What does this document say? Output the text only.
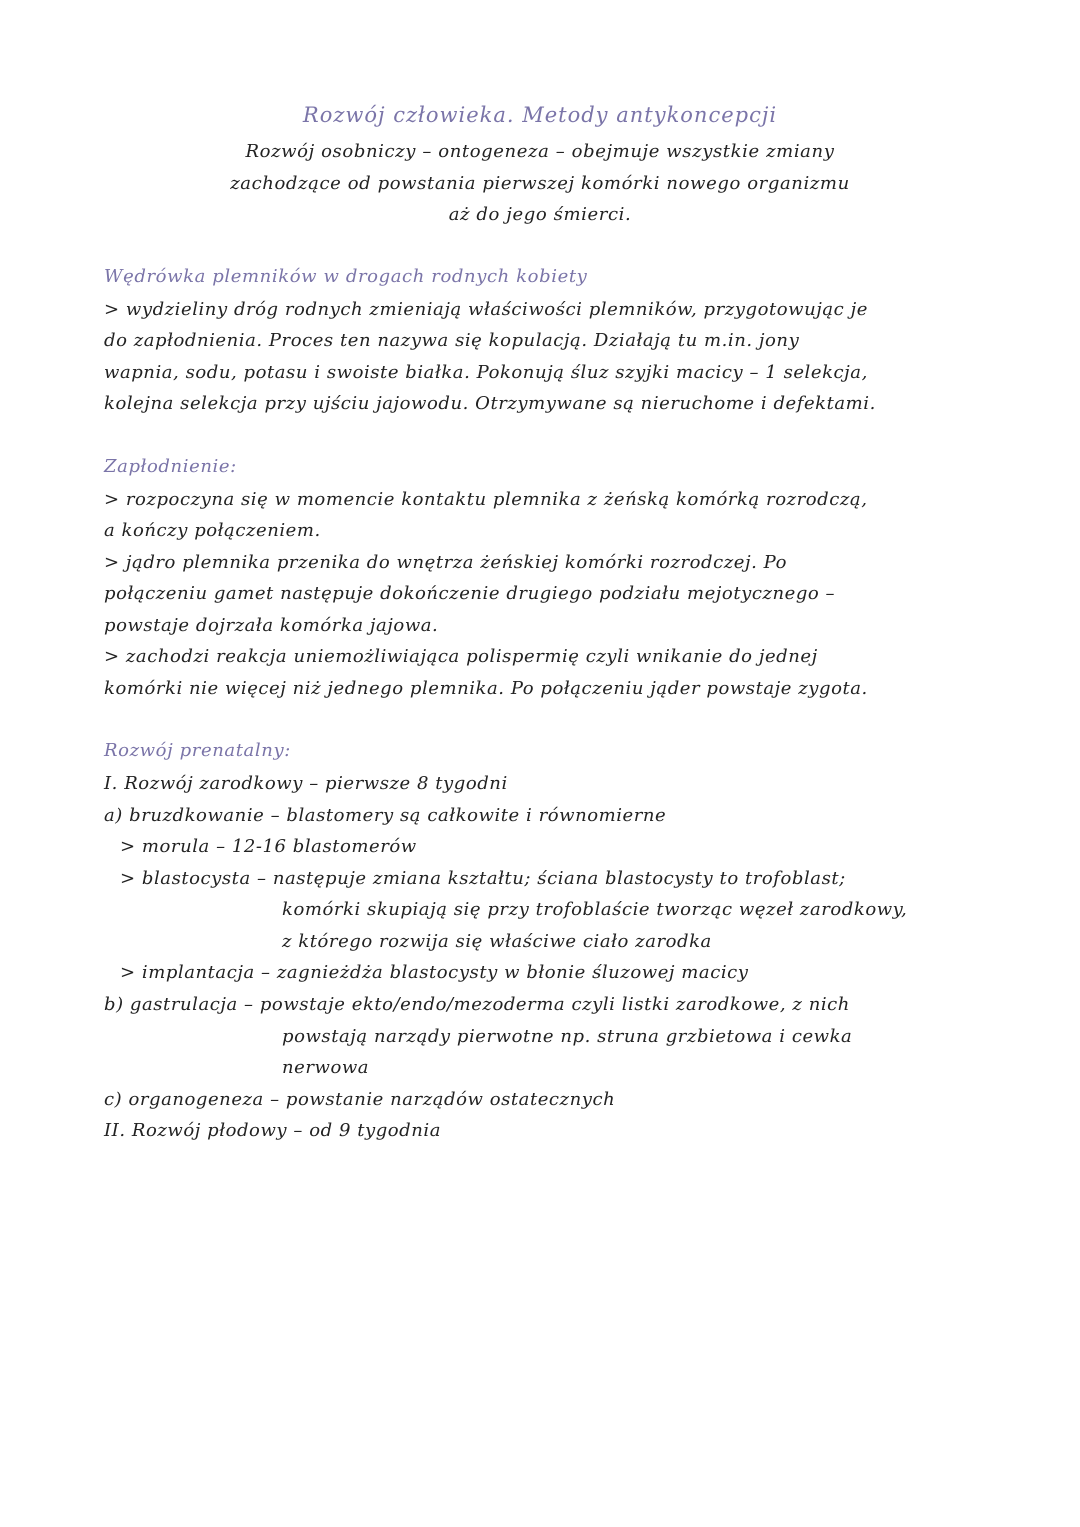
Rozwój człowieka. Metody antykoncepcji
Rozwój osobniczy – ontogeneza – obejmuje wszystkie zmiany
zachodzące od powstania pierwszej komórki nowego organizmu
aż do jego śmierci.
Wędrówka plemników w drogach rodnych kobiety
> wydzieliny dróg rodnych zmieniają właściwości plemników, przygotowując je
do zapłodnienia. Proces ten nazywa się kopulacją. Działają tu m.in. jony
wapnia, sodu, potasu i swoiste białka. Pokonują śluz szyjki macicy – 1 selekcja,
kolejna selekcja przy ujściu jajowodu. Otrzymywane są nieruchome i defektami.
Zapłodnienie:
> rozpoczyna się w momencie kontaktu plemnika z żeńską komórką rozrodczą,
a kończy połączeniem.
> jądro plemnika przenika do wnętrza żeńskiej komórki rozrodczej. Po
połączeniu gamet następuje dokończenie drugiego podziału mejotycznego –
powstaje dojrzała komórka jajowa.
> zachodzi reakcja uniemożliwiająca polispermię czyli wnikanie do jednej
komórki nie więcej niż jednego plemnika. Po połączeniu jąder powstaje zygota.
Rozwój prenatalny:
I. Rozwój zarodkowy – pierwsze 8 tygodni
a) bruzdkowanie – blastomery są całkowite i równomierne
> morula – 12-16 blastomerów
> blastocysta – następuje zmiana kształtu; ściana blastocysty to trofoblast;
komórki skupiają się przy trofoblaście tworząc węzeł zarodkowy,
z którego rozwija się właściwe ciało zarodka
> implantacja – zagnieżdża blastocysty w błonie śluzowej macicy
b) gastrulacja – powstaje ekto/endo/mezoderma czyli listki zarodkowe, z nich
powstają narządy pierwotne np. struna grzbietowa i cewka
nerwowa
c) organogeneza – powstanie narządów ostatecznych
II. Rozwój płodowy – od 9 tygodnia
